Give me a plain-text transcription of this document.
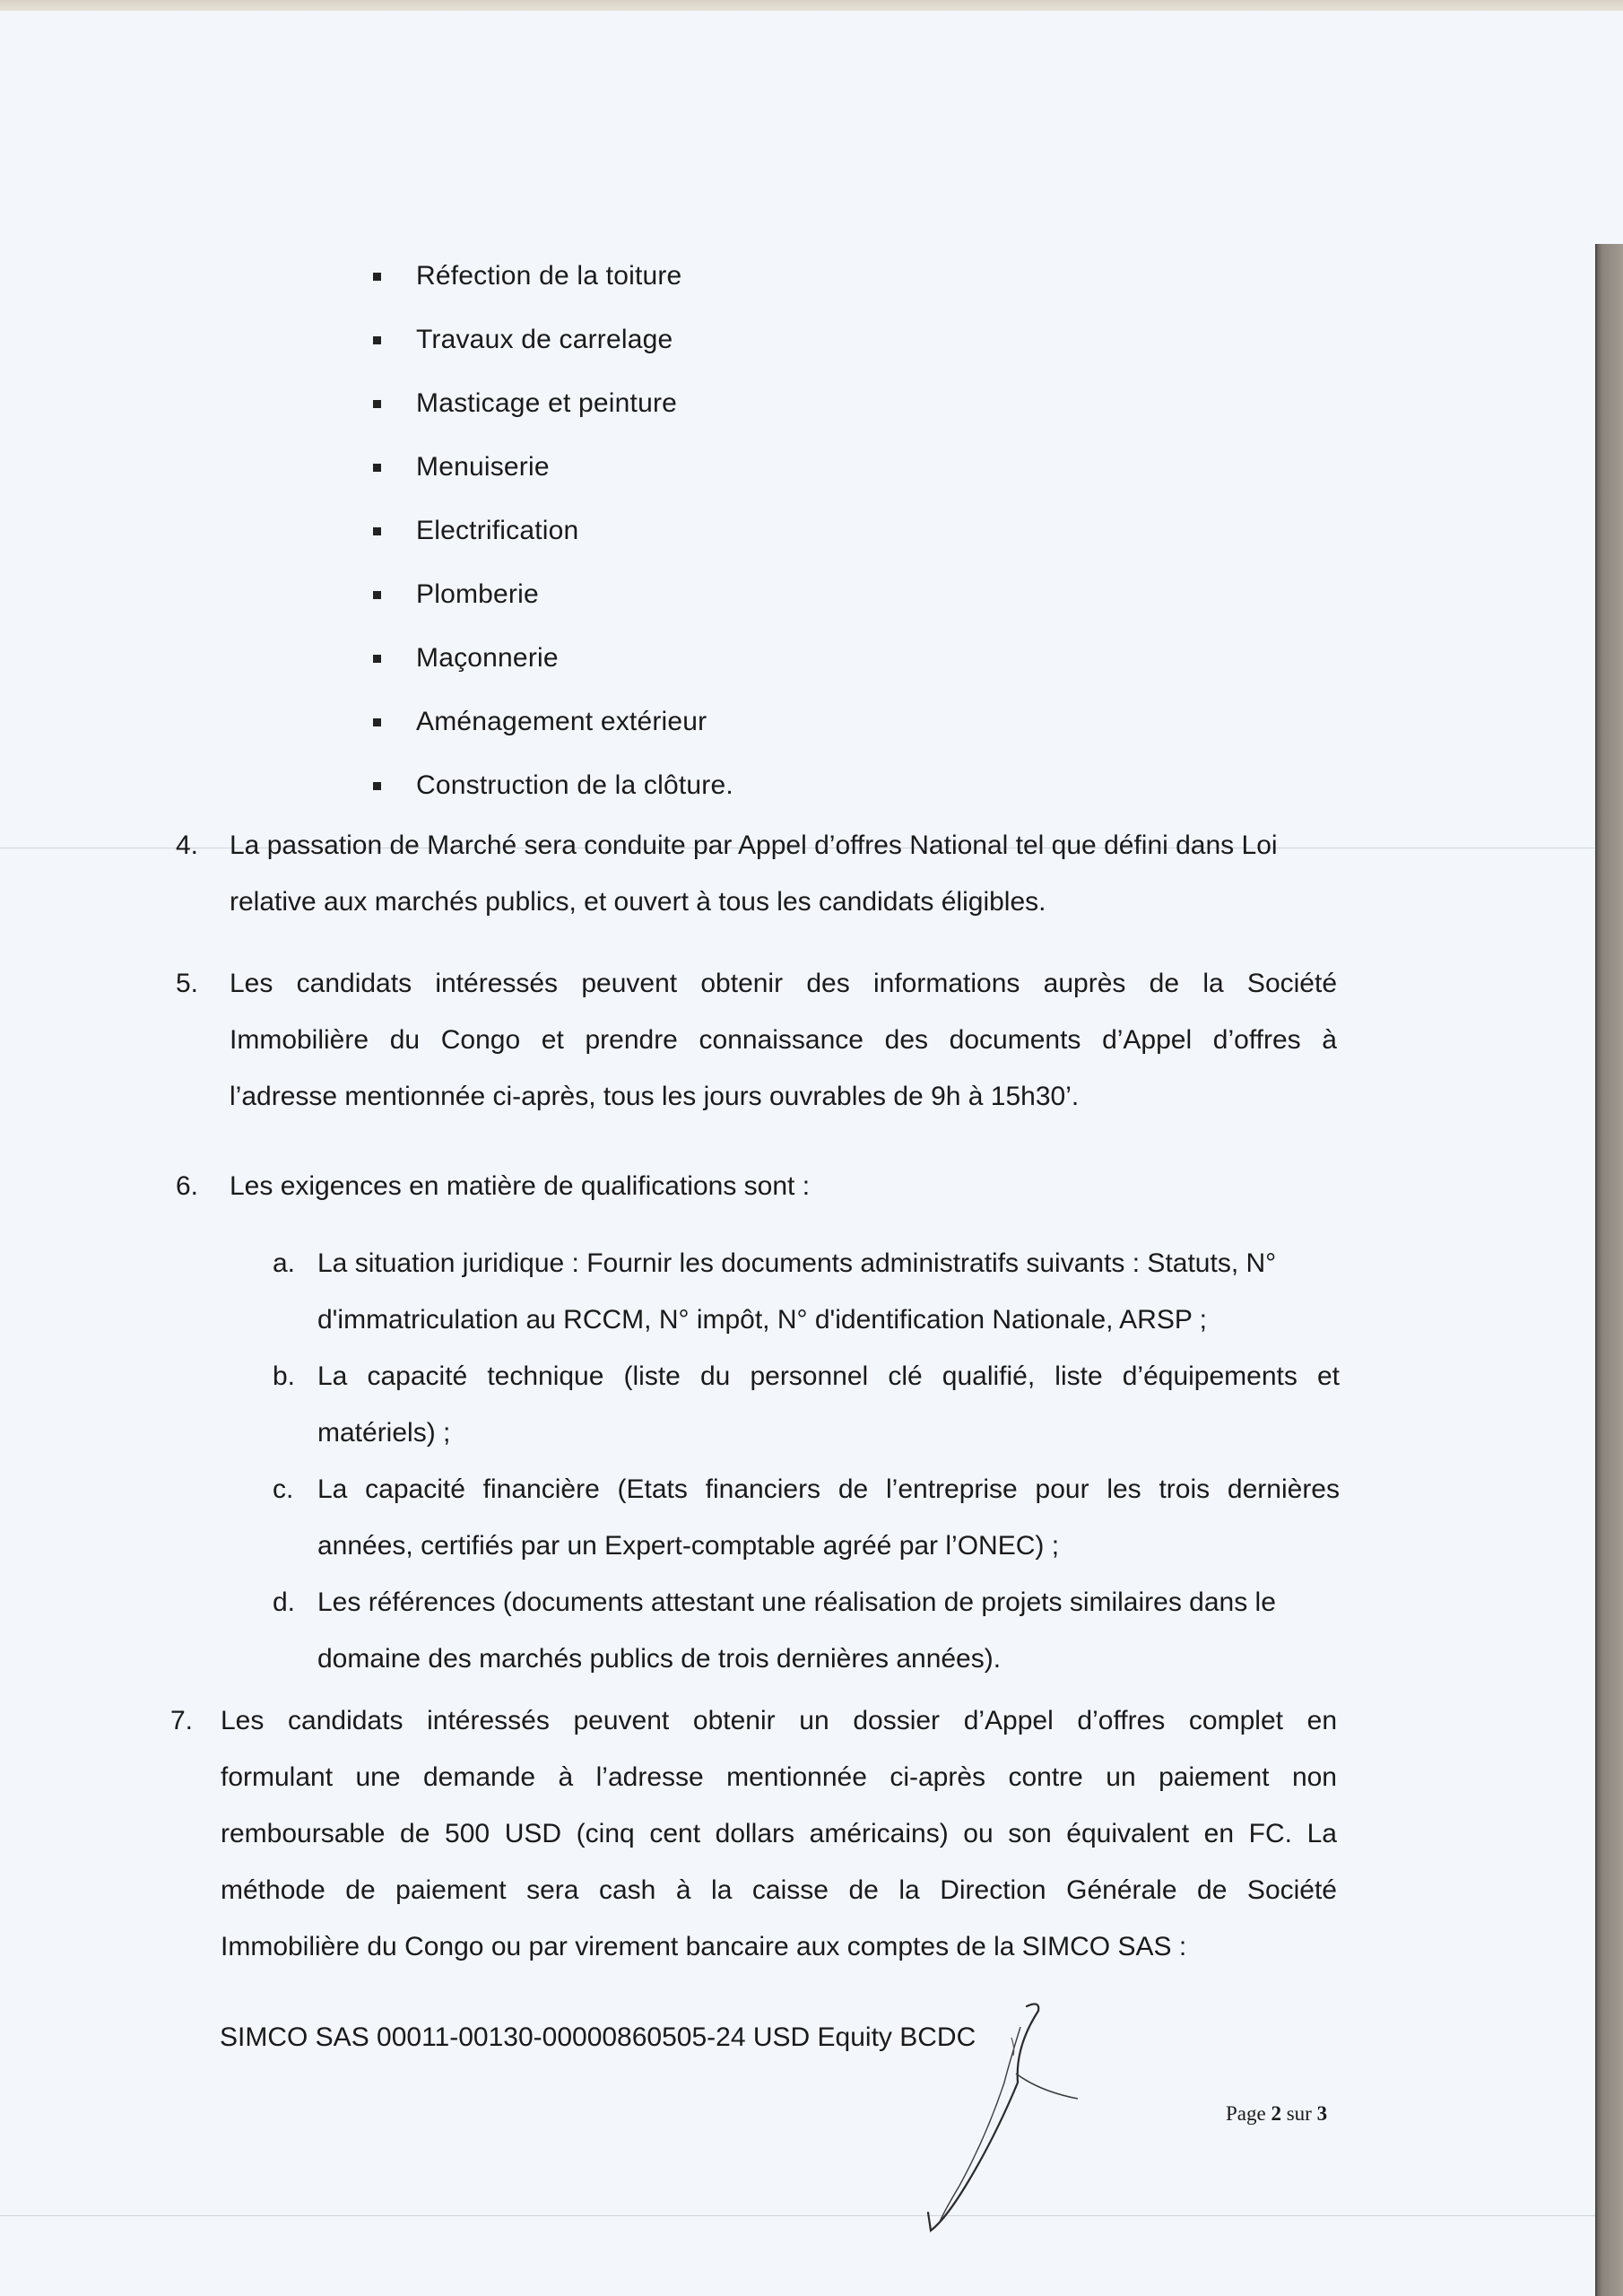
Réfection de la toiture
Travaux de carrelage
Masticage et peinture
Menuiserie
Electrification
Plomberie
Maçonnerie
Aménagement extérieur
Construction de la clôture.
4. La passation de Marché sera conduite par Appel d’offres National tel que défini dans Loi
relative aux marchés publics, et ouvert à tous les candidats éligibles.
5. Les candidats intéressés peuvent obtenir des informations auprès de la Société
Immobilière du Congo et prendre connaissance des documents d’Appel d’offres à
l’adresse mentionnée ci-après, tous les jours ouvrables de 9h à 15h30’.
6. Les exigences en matière de qualifications sont :
a. La situation juridique : Fournir les documents administratifs suivants : Statuts, N°
d'immatriculation au RCCM, N° impôt, N° d'identification Nationale, ARSP ;
b. La capacité technique (liste du personnel clé qualifié, liste d’équipements et
matériels) ;
c. La capacité financière (Etats financiers de l’entreprise pour les trois dernières
années, certifiés par un Expert-comptable agréé par l’ONEC) ;
d. Les références (documents attestant une réalisation de projets similaires dans le
domaine des marchés publics de trois dernières années).
7. Les candidats intéressés peuvent obtenir un dossier d’Appel d’offres complet en
formulant une demande à l’adresse mentionnée ci-après contre un paiement non
remboursable de 500 USD (cinq cent dollars américains) ou son équivalent en FC. La
méthode de paiement sera cash à la caisse de la Direction Générale de Société
Immobilière du Congo ou par virement bancaire aux comptes de la SIMCO SAS :
SIMCO SAS 00011-00130-00000860505-24 USD Equity BCDC
Page 2 sur 3
